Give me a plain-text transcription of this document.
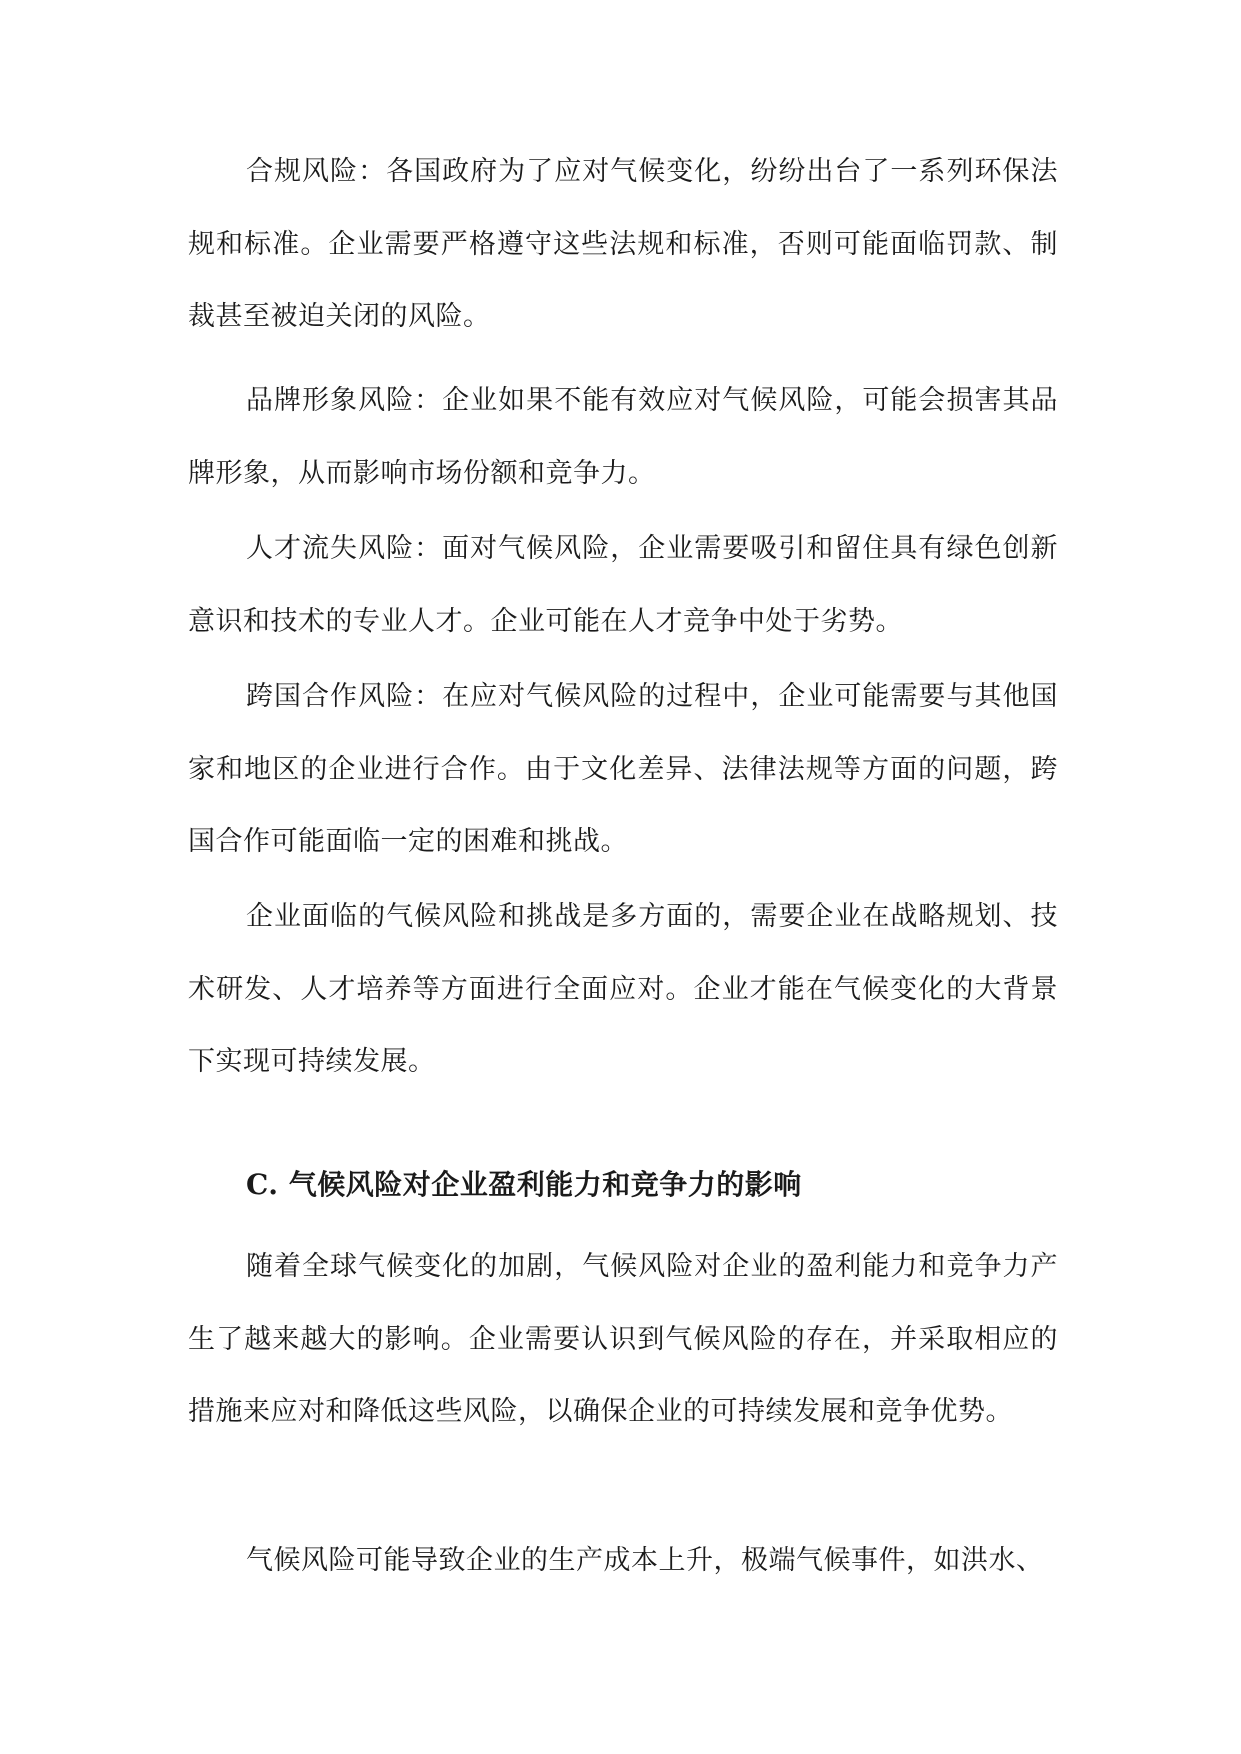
合规风险：各国政府为了应对气候变化，纷纷出台了一系列环保法规和标准。企业需要严格遵守这些法规和标准，否则可能面临罚款、制裁甚至被迫关闭的风险。

品牌形象风险：企业如果不能有效应对气候风险，可能会损害其品牌形象，从而影响市场份额和竞争力。

人才流失风险：面对气候风险，企业需要吸引和留住具有绿色创新意识和技术的专业人才。企业可能在人才竞争中处于劣势。

跨国合作风险：在应对气候风险的过程中，企业可能需要与其他国家和地区的企业进行合作。由于文化差异、法律法规等方面的问题，跨国合作可能面临一定的困难和挑战。

企业面临的气候风险和挑战是多方面的，需要企业在战略规划、技术研发、人才培养等方面进行全面应对。企业才能在气候变化的大背景下实现可持续发展。

C. 气候风险对企业盈利能力和竞争力的影响

随着全球气候变化的加剧，气候风险对企业的盈利能力和竞争力产生了越来越大的影响。企业需要认识到气候风险的存在，并采取相应的措施来应对和降低这些风险，以确保企业的可持续发展和竞争优势。

气候风险可能导致企业的生产成本上升，极端气候事件，如洪水、
